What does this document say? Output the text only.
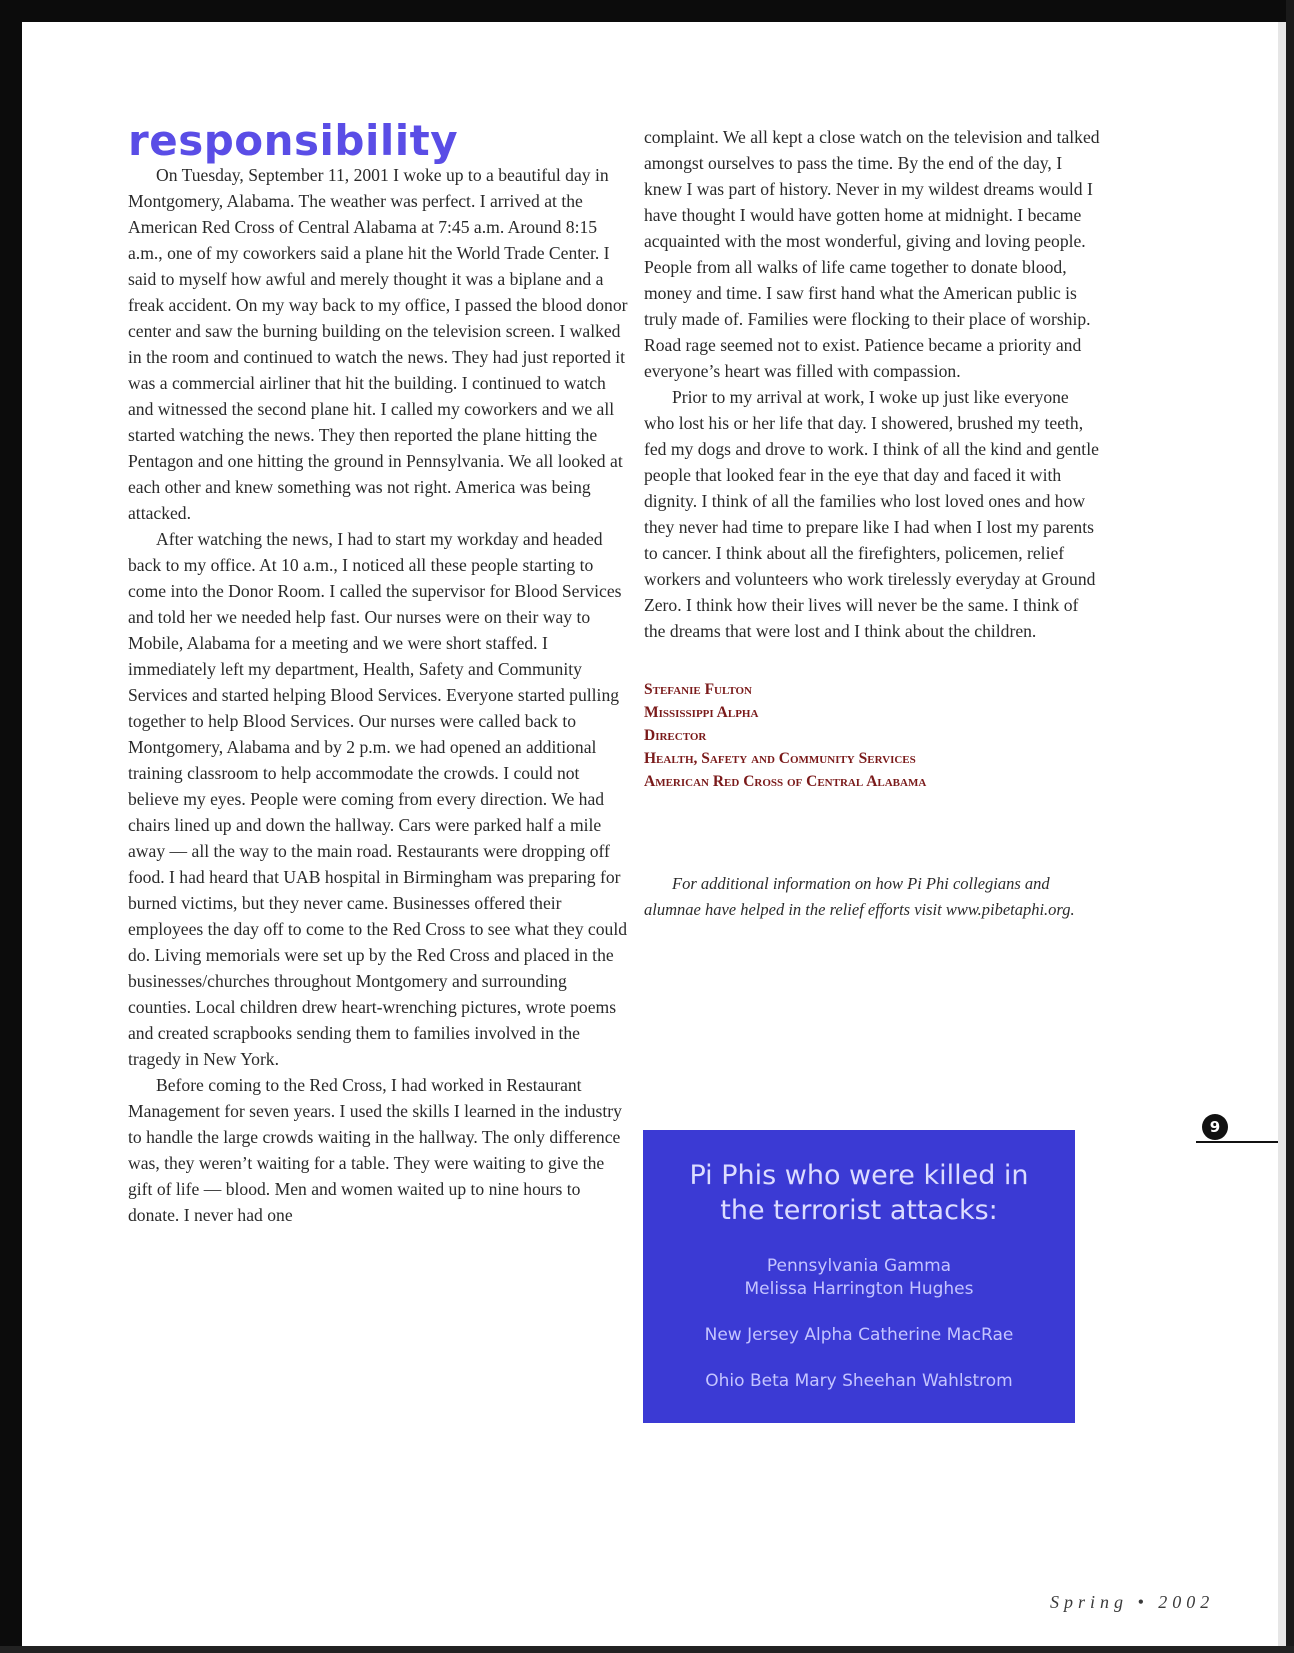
responsibility

On Tuesday, September 11, 2001 I woke up to a beautiful day in Montgomery, Alabama. The weather was perfect. I arrived at the American Red Cross of Central Alabama at 7:45 a.m. Around 8:15 a.m., one of my coworkers said a plane hit the World Trade Center. I said to myself how awful and merely thought it was a biplane and a freak accident. On my way back to my office, I passed the blood donor center and saw the burning building on the television screen. I walked in the room and continued to watch the news. They had just reported it was a commercial airliner that hit the building. I continued to watch and witnessed the second plane hit. I called my coworkers and we all started watching the news. They then reported the plane hitting the Pentagon and one hitting the ground in Pennsylvania. We all looked at each other and knew something was not right. America was being attacked.

After watching the news, I had to start my workday and headed back to my office. At 10 a.m., I noticed all these people starting to come into the Donor Room. I called the supervisor for Blood Services and told her we needed help fast. Our nurses were on their way to Mobile, Alabama for a meeting and we were short staffed. I immediately left my department, Health, Safety and Community Services and started helping Blood Services. Everyone started pulling together to help Blood Services. Our nurses were called back to Montgomery, Alabama and by 2 p.m. we had opened an additional training classroom to help accommodate the crowds. I could not believe my eyes. People were coming from every direction. We had chairs lined up and down the hallway. Cars were parked half a mile away — all the way to the main road. Restaurants were dropping off food. I had heard that UAB hospital in Birmingham was preparing for burned victims, but they never came. Businesses offered their employees the day off to come to the Red Cross to see what they could do. Living memorials were set up by the Red Cross and placed in the businesses/churches throughout Montgomery and surrounding counties. Local children drew heart-wrenching pictures, wrote poems and created scrapbooks sending them to families involved in the tragedy in New York.

Before coming to the Red Cross, I had worked in Restaurant Management for seven years. I used the skills I learned in the industry to handle the large crowds waiting in the hallway. The only difference was, they weren’t waiting for a table. They were waiting to give the gift of life — blood. Men and women waited up to nine hours to donate. I never had one

complaint. We all kept a close watch on the television and talked amongst ourselves to pass the time. By the end of the day, I knew I was part of history. Never in my wildest dreams would I have thought I would have gotten home at midnight. I became acquainted with the most wonderful, giving and loving people. People from all walks of life came together to donate blood, money and time. I saw first hand what the American public is truly made of. Families were flocking to their place of worship. Road rage seemed not to exist. Patience became a priority and everyone’s heart was filled with compassion.

Prior to my arrival at work, I woke up just like everyone who lost his or her life that day. I showered, brushed my teeth, fed my dogs and drove to work. I think of all the kind and gentle people that looked fear in the eye that day and faced it with dignity. I think of all the families who lost loved ones and how they never had time to prepare like I had when I lost my parents to cancer. I think about all the firefighters, policemen, relief workers and volunteers who work tirelessly everyday at Ground Zero. I think how their lives will never be the same. I think of the dreams that were lost and I think about the children.

Stefanie Fulton
Mississippi Alpha
Director
Health, Safety and Community Services
American Red Cross of Central Alabama

For additional information on how Pi Phi collegians and alumnae have helped in the relief efforts visit www.pibetaphi.org.

Pi Phis who were killed in
the terrorist attacks:
Pennsylvania Gamma
Melissa Harrington Hughes
New Jersey Alpha Catherine MacRae
Ohio Beta Mary Sheehan Wahlstrom
9
Spring • 2002
